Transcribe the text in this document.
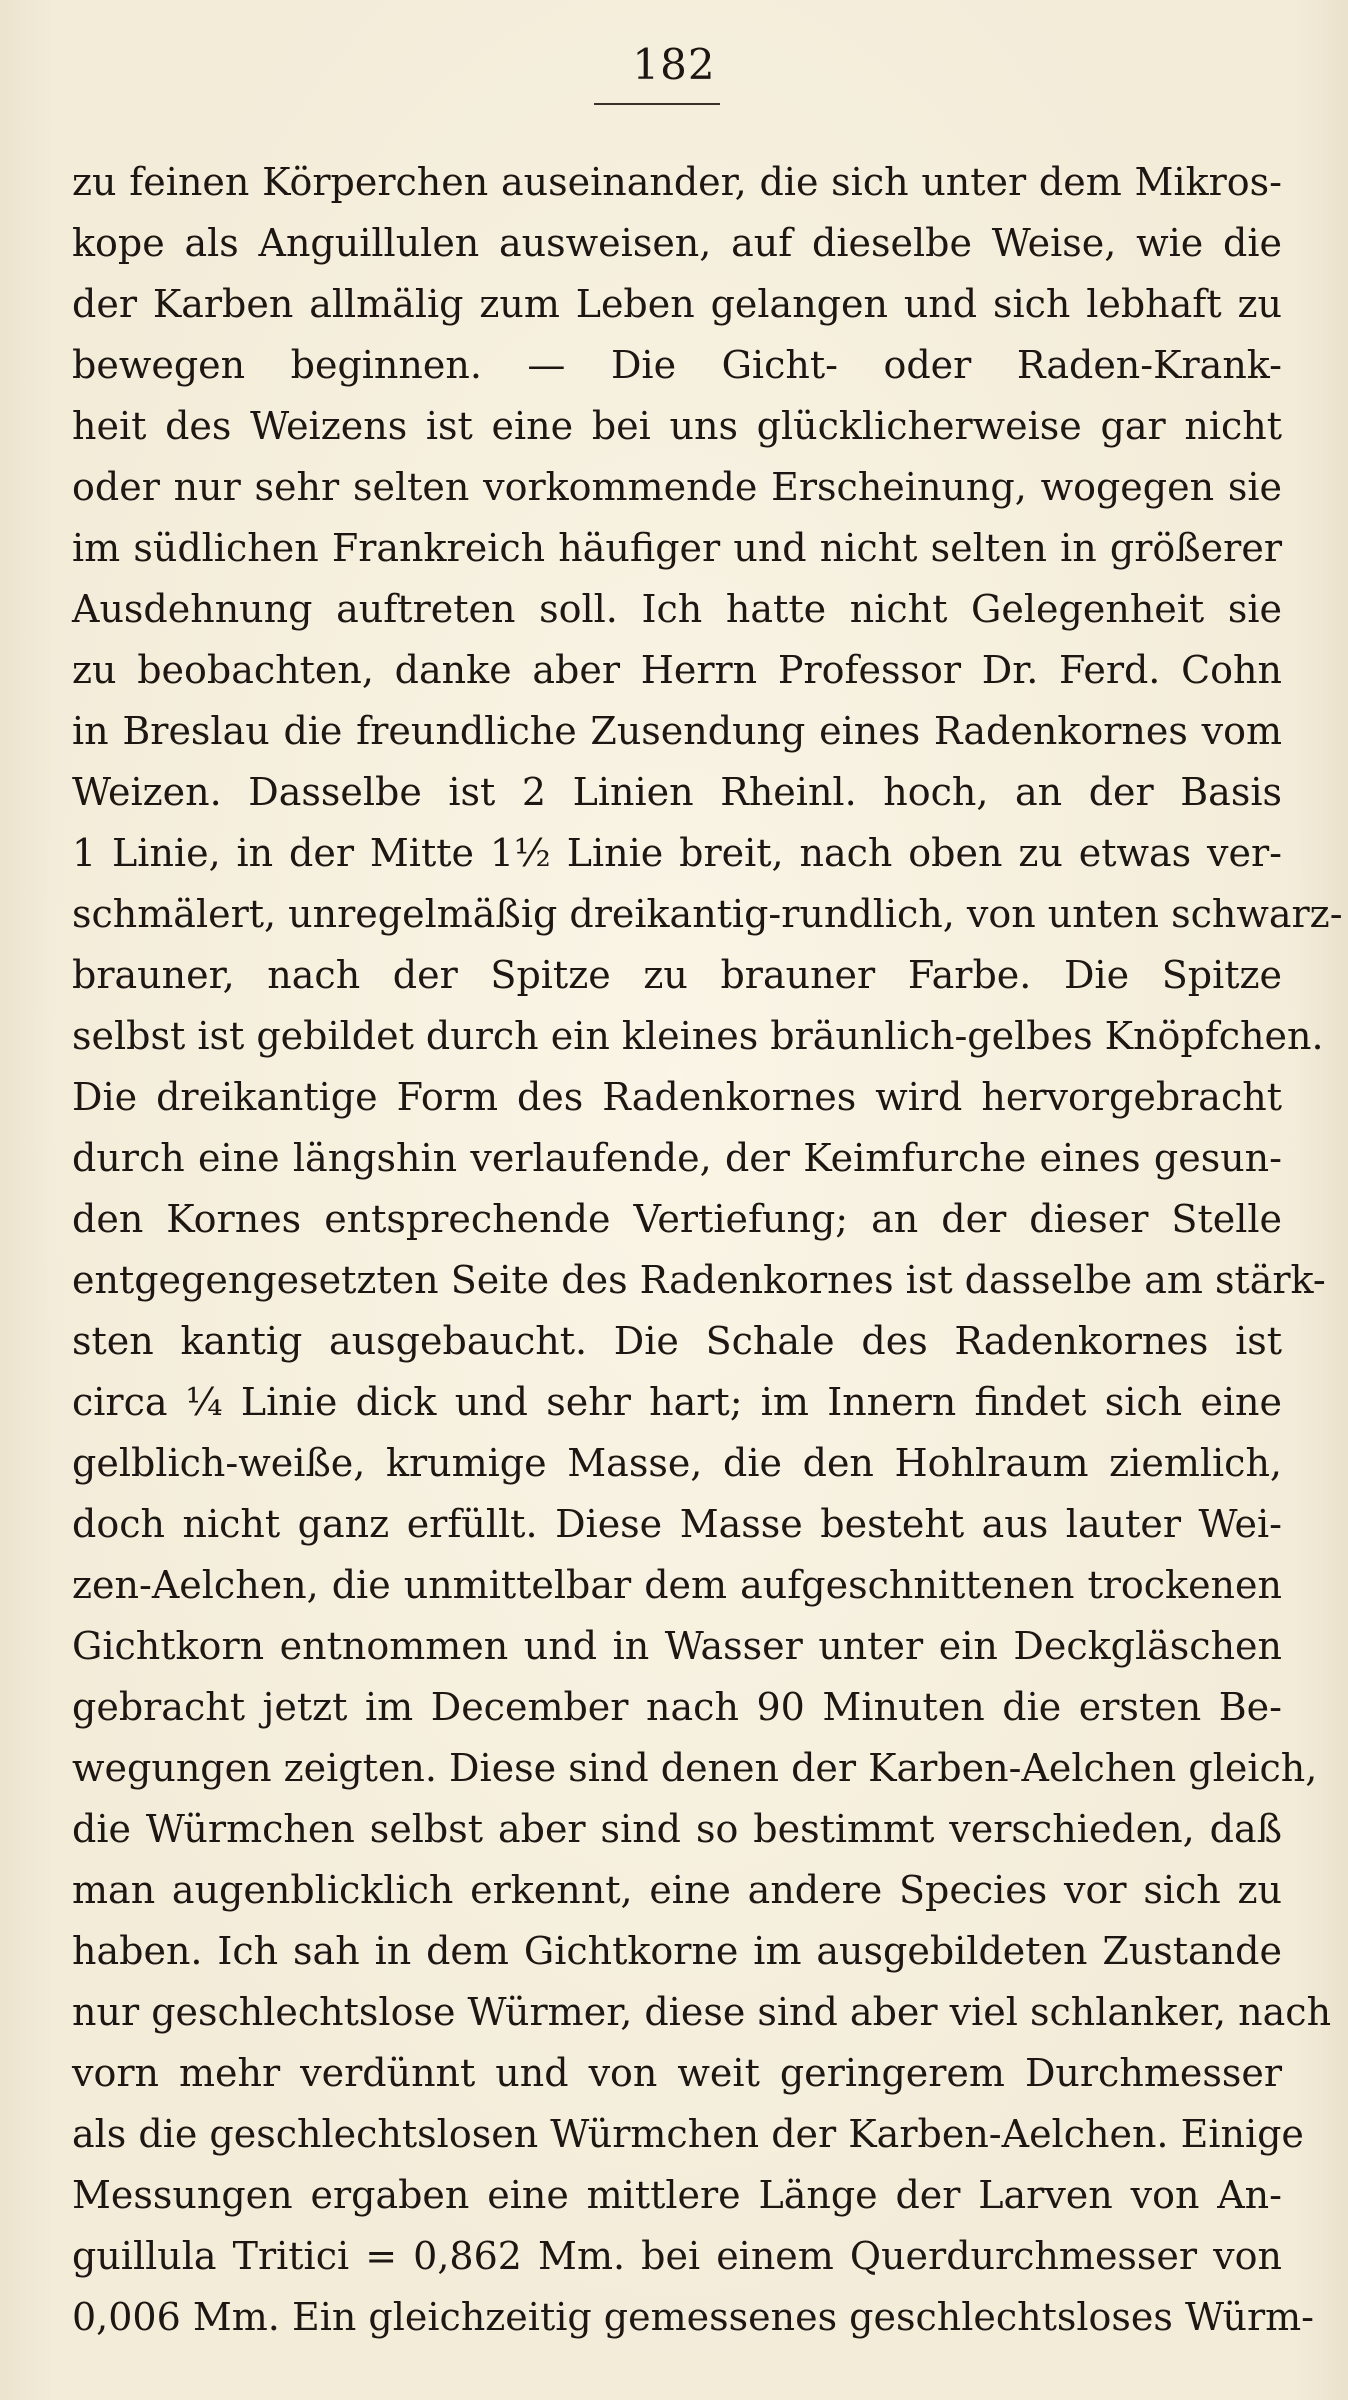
182
zu feinen Körperchen auseinander, die sich unter dem Mikros-
kope als Anguillulen ausweisen, auf dieselbe Weise, wie die
der Karben allmälig zum Leben gelangen und sich lebhaft zu
bewegen beginnen. — Die Gicht- oder Raden-Krank-
heit des Weizens ist eine bei uns glücklicherweise gar nicht
oder nur sehr selten vorkommende Erscheinung, wogegen sie
im südlichen Frankreich häufiger und nicht selten in größerer
Ausdehnung auftreten soll. Ich hatte nicht Gelegenheit sie
zu beobachten, danke aber Herrn Professor Dr. Ferd. Cohn
in Breslau die freundliche Zusendung eines Radenkornes vom
Weizen. Dasselbe ist 2 Linien Rheinl. hoch, an der Basis
1 Linie, in der Mitte 1½ Linie breit, nach oben zu etwas ver-
schmälert, unregelmäßig dreikantig-rundlich, von unten schwarz-
brauner, nach der Spitze zu brauner Farbe. Die Spitze
selbst ist gebildet durch ein kleines bräunlich-gelbes Knöpfchen.
Die dreikantige Form des Radenkornes wird hervorgebracht
durch eine längshin verlaufende, der Keimfurche eines gesun-
den Kornes entsprechende Vertiefung; an der dieser Stelle
entgegengesetzten Seite des Radenkornes ist dasselbe am stärk-
sten kantig ausgebaucht. Die Schale des Radenkornes ist
circa ¼ Linie dick und sehr hart; im Innern findet sich eine
gelblich-weiße, krumige Masse, die den Hohlraum ziemlich,
doch nicht ganz erfüllt. Diese Masse besteht aus lauter Wei-
zen-Aelchen, die unmittelbar dem aufgeschnittenen trockenen
Gichtkorn entnommen und in Wasser unter ein Deckgläschen
gebracht jetzt im December nach 90 Minuten die ersten Be-
wegungen zeigten. Diese sind denen der Karben-Aelchen gleich,
die Würmchen selbst aber sind so bestimmt verschieden, daß
man augenblicklich erkennt, eine andere Species vor sich zu
haben. Ich sah in dem Gichtkorne im ausgebildeten Zustande
nur geschlechtslose Würmer, diese sind aber viel schlanker, nach
vorn mehr verdünnt und von weit geringerem Durchmesser
als die geschlechtslosen Würmchen der Karben-Aelchen. Einige
Messungen ergaben eine mittlere Länge der Larven von An-
guillula Tritici = 0,862 Mm. bei einem Querdurchmesser von
0,006 Mm. Ein gleichzeitig gemessenes geschlechtsloses Würm-
